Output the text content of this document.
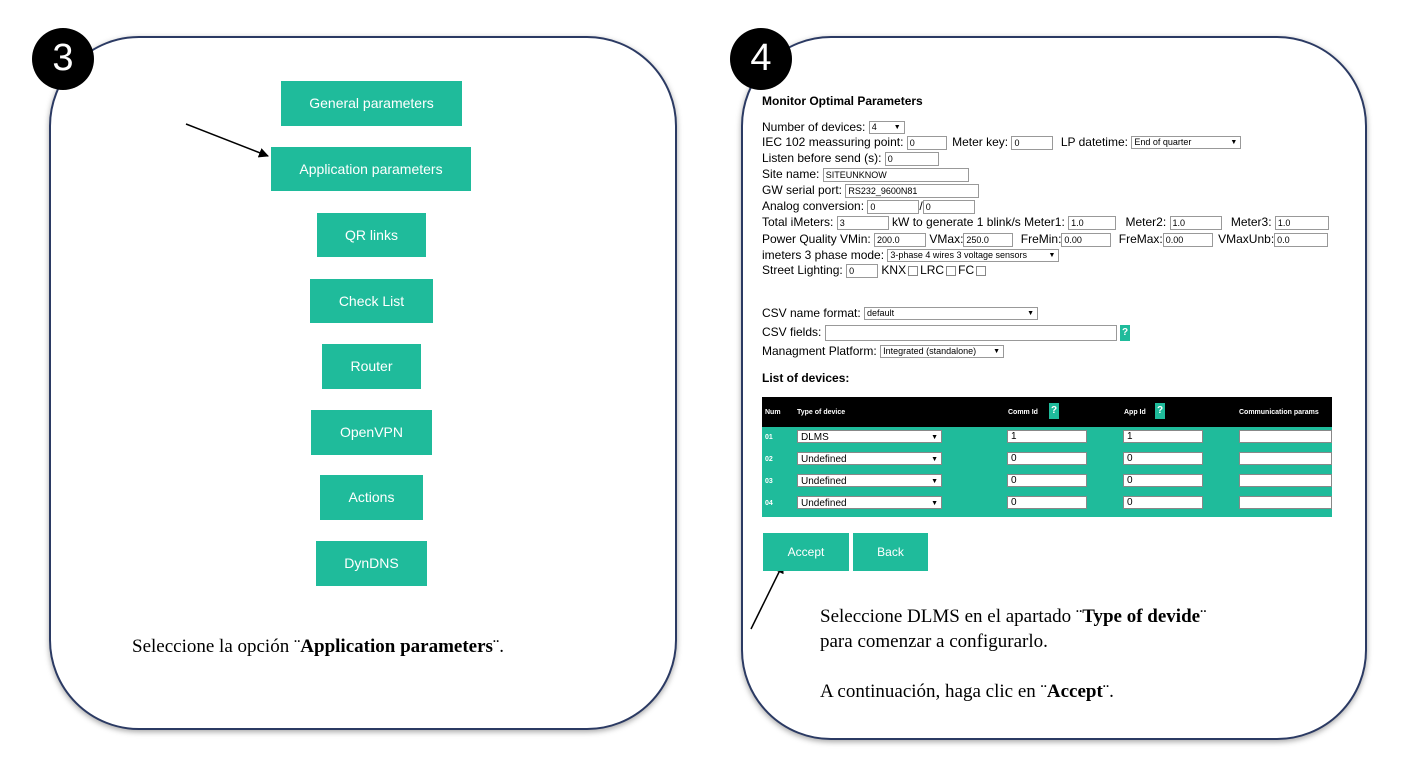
3	4
General parameters
Application parameters
QR links
Check List
Router
OpenVPN
Actions
DynDNS
Seleccione la opción ¨Application parameters¨.
Monitor Optimal Parameters
Number of devices: 4 ▼
IEC 102 meassuring point: 0	Meter key: 0	LP datetime: End of quarter	▼
Listen before send (s): 0
Site name: SITEUNKNOW
GW serial port: RS232_9600N81
Analog conversion: 0	/ 0
Total iMeters: 3	kW to generate 1 blink/s Meter1: 1.0	Meter2: 1.0	Meter3: 1.0
Power Quality VMin: 200.0 VMax: 250.0	FreMin: 0.00	FreMax: 0.00	VMaxUnb: 0.0
imeters 3 phase mode: 3-phase 4 wires 3 voltage sensors	▼
Street Lighting: 0 KNX LRC FC
CSV name format: default	▼
CSV fields:	?
Managment Platform: Integrated (standalone) ▼
List of devices:
Num Type of device	Comm Id ?	App Id ?	Communication params
01	DLMS	▼	1	1
02	Undefined	▼	0	0
03	Undefined	▼	0	0
04	Undefined	▼	0	0
Accept	Back
Seleccione DLMS en el apartado ¨Type of devide¨
para comenzar a configurarlo.
A continuación, haga clic en ¨Accept¨.
